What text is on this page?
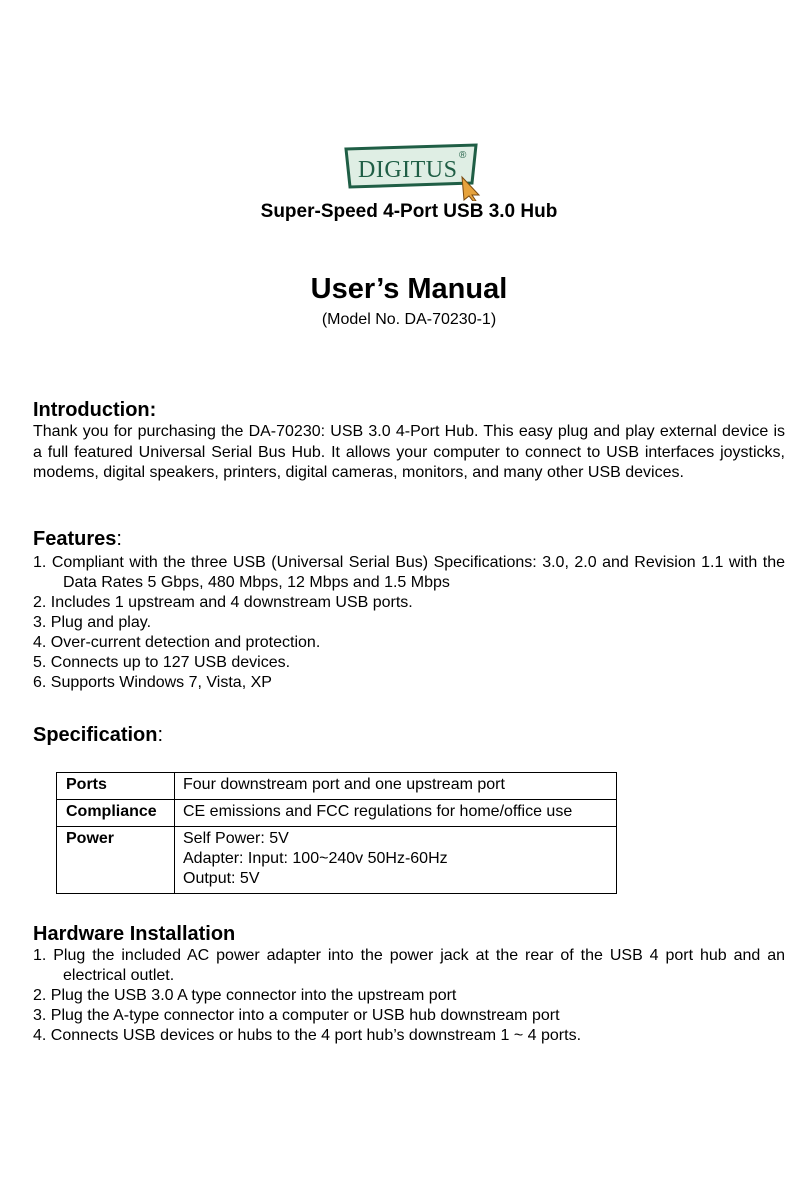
DIGITUS
®
Super-Speed 4-Port USB 3.0 Hub
User’s Manual
(Model No. DA-70230-1)

Introduction:

Thank you for purchasing the DA-70230: USB 3.0 4-Port Hub. This easy plug and play external device is a full featured Universal Serial Bus Hub. It allows your computer to connect to USB interfaces joysticks, modems, digital speakers, printers, digital cameras, monitors, and many other USB devices.

Features:

1. Compliant with the three USB (Universal Serial Bus) Specifications: 3.0, 2.0 and Revision 1.1 with the Data Rates 5 Gbps, 480 Mbps, 12 Mbps and 1.5 Mbps
2. Includes 1 upstream and 4 downstream USB ports.
3. Plug and play.
4. Over-current detection and protection.
5. Connects up to 127 USB devices.
6. Supports Windows 7, Vista, XP

Specification:

Ports	Four downstream port and one upstream port

Compliance	CE emissions and FCC regulations for home/office use

Power	Self Power: 5V
Adapter: Input: 100~240v 50Hz-60Hz
Output: 5V

Hardware Installation

1. Plug the included AC power adapter into the power jack at the rear of the USB 4 port hub and an electrical outlet.
2. Plug the USB 3.0 A type connector into the upstream port
3. Plug the A-type connector into a computer or USB hub downstream port
4. Connects USB devices or hubs to the 4 port hub’s downstream 1 ~ 4 ports.
